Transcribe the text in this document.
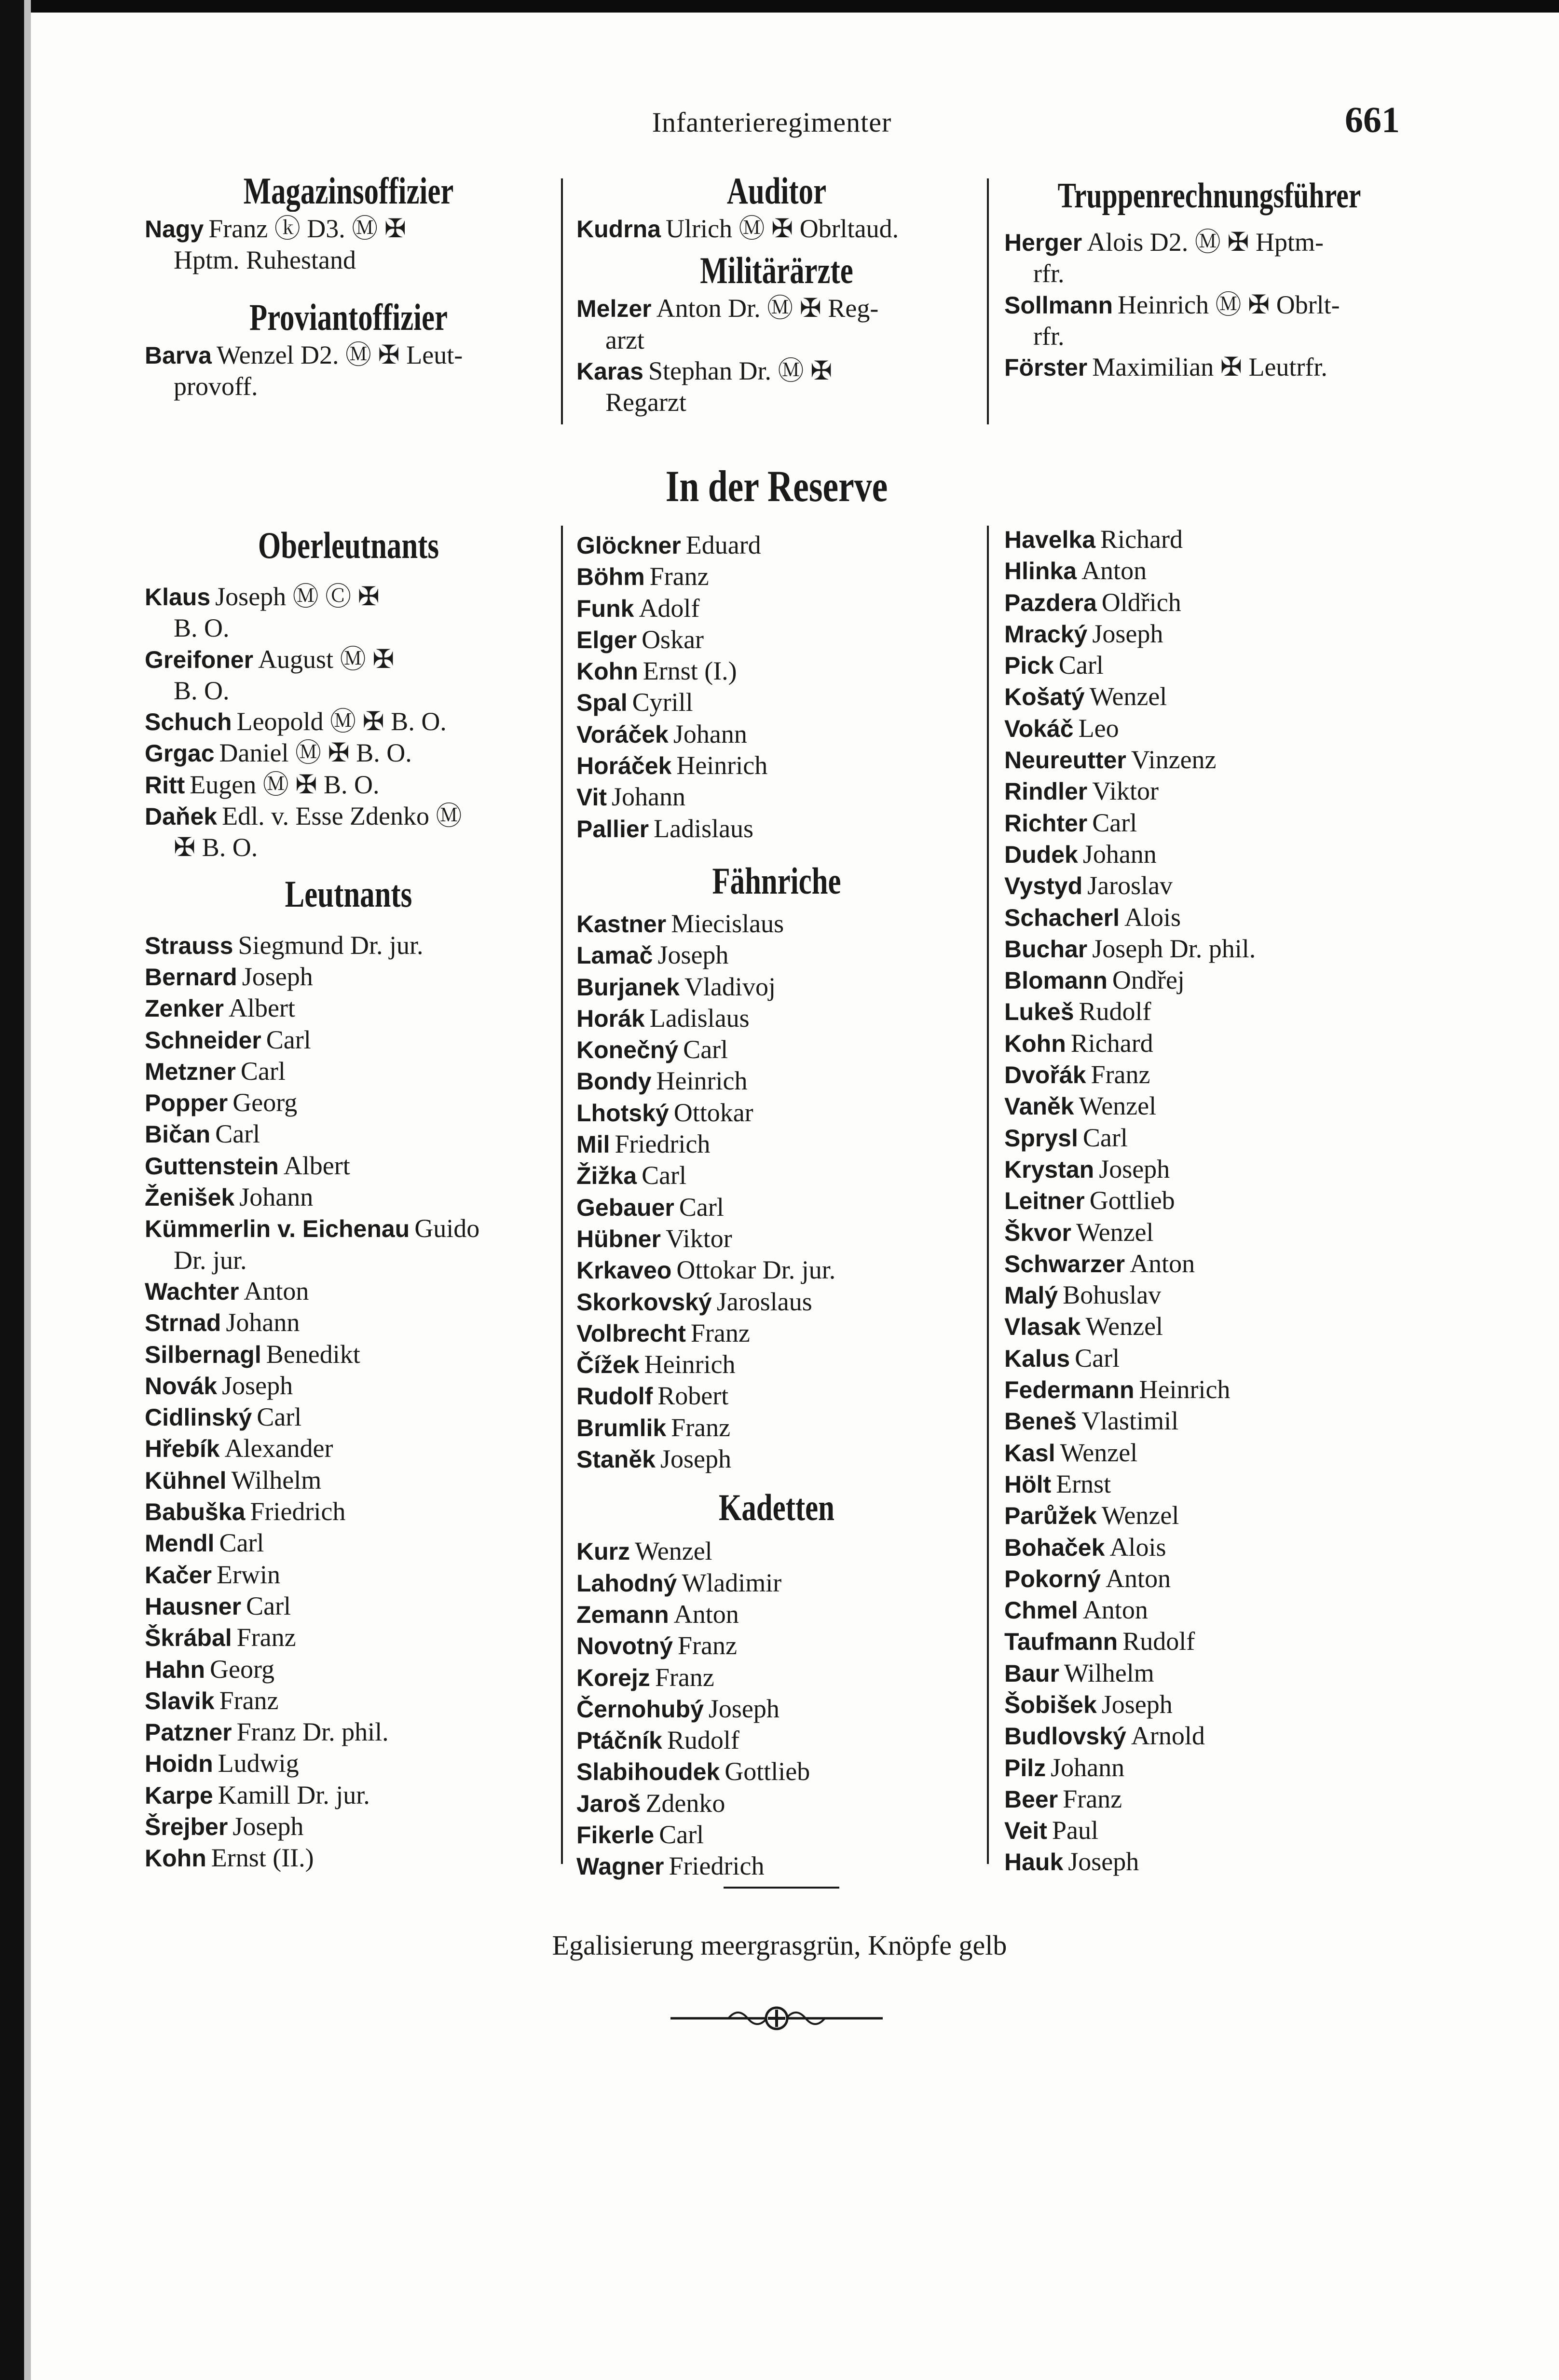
Infanterieregimenter	661
Magazinsoffizier
Nagy Franz ⓚ D3. Ⓜ ✠
Hptm. Ruhestand
Proviantoffizier
Barva Wenzel D2. Ⓜ ✠ Leut-
provoff.
Auditor
Kudrna Ulrich Ⓜ ✠ Obrltaud.
Militärärzte
Melzer Anton Dr. Ⓜ ✠ Reg-
arzt
Karas Stephan Dr. Ⓜ ✠
Regarzt
Truppenrechnungsführer
Herger Alois D2. Ⓜ ✠ Hptm-
rfr.
Sollmann Heinrich Ⓜ ✠ Obrlt-
rfr.
Förster Maximilian ✠ Leutrfr.
In der Reserve
Oberleutnants
Klaus Joseph Ⓜ Ⓒ ✠
B. O.
Greifoner August Ⓜ ✠
B. O.
Schuch Leopold Ⓜ ✠ B. O.
Grgac Daniel Ⓜ ✠ B. O.
Ritt Eugen Ⓜ ✠ B. O.
Daňek Edl. v. Esse Zdenko Ⓜ
✠ B. O.
Leutnants
Strauss Siegmund Dr. jur.
Bernard Joseph
Zenker Albert
Schneider Carl
Metzner Carl
Popper Georg
Bičan Carl
Guttenstein Albert
Ženišek Johann
Kümmerlin v. Eichenau Guido
Dr. jur.
Wachter Anton
Strnad Johann
Silbernagl Benedikt
Novák Joseph
Cidlinský Carl
Hřebík Alexander
Kühnel Wilhelm
Babuška Friedrich
Mendl Carl
Kačer Erwin
Hausner Carl
Škrábal Franz
Hahn Georg
Slavik Franz
Patzner Franz Dr. phil.
Hoidn Ludwig
Karpe Kamill Dr. jur.
Šrejber Joseph
Kohn Ernst (II.)
Glöckner Eduard
Böhm Franz
Funk Adolf
Elger Oskar
Kohn Ernst (I.)
Spal Cyrill
Voráček Johann
Horáček Heinrich
Vit Johann
Pallier Ladislaus
Fähnriche
Kastner Miecislaus
Lamač Joseph
Burjanek Vladivoj
Horák Ladislaus
Konečný Carl
Bondy Heinrich
Lhotský Ottokar
Mil Friedrich
Žižka Carl
Gebauer Carl
Hübner Viktor
Krkaveo Ottokar Dr. jur.
Skorkovský Jaroslaus
Volbrecht Franz
Čížek Heinrich
Rudolf Robert
Brumlik Franz
Staněk Joseph
Kadetten
Kurz Wenzel
Lahodný Wladimir
Zemann Anton
Novotný Franz
Korejz Franz
Černohubý Joseph
Ptáčník Rudolf
Slabihoudek Gottlieb
Jaroš Zdenko
Fikerle Carl
Wagner Friedrich
Havelka Richard
Hlinka Anton
Pazdera Oldřich
Mracký Joseph
Pick Carl
Košatý Wenzel
Vokáč Leo
Neureutter Vinzenz
Rindler Viktor
Richter Carl
Dudek Johann
Vystyd Jaroslav
Schacherl Alois
Buchar Joseph Dr. phil.
Blomann Ondřej
Lukeš Rudolf
Kohn Richard
Dvořák Franz
Vaněk Wenzel
Sprysl Carl
Krystan Joseph
Leitner Gottlieb
Škvor Wenzel
Schwarzer Anton
Malý Bohuslav
Vlasak Wenzel
Kalus Carl
Federmann Heinrich
Beneš Vlastimil
Kasl Wenzel
Hölt Ernst
Parůžek Wenzel
Bohaček Alois
Pokorný Anton
Chmel Anton
Taufmann Rudolf
Baur Wilhelm
Šobišek Joseph
Budlovský Arnold
Pilz Johann
Beer Franz
Veit Paul
Hauk Joseph
Egalisierung meergrasgrün, Knöpfe gelb
